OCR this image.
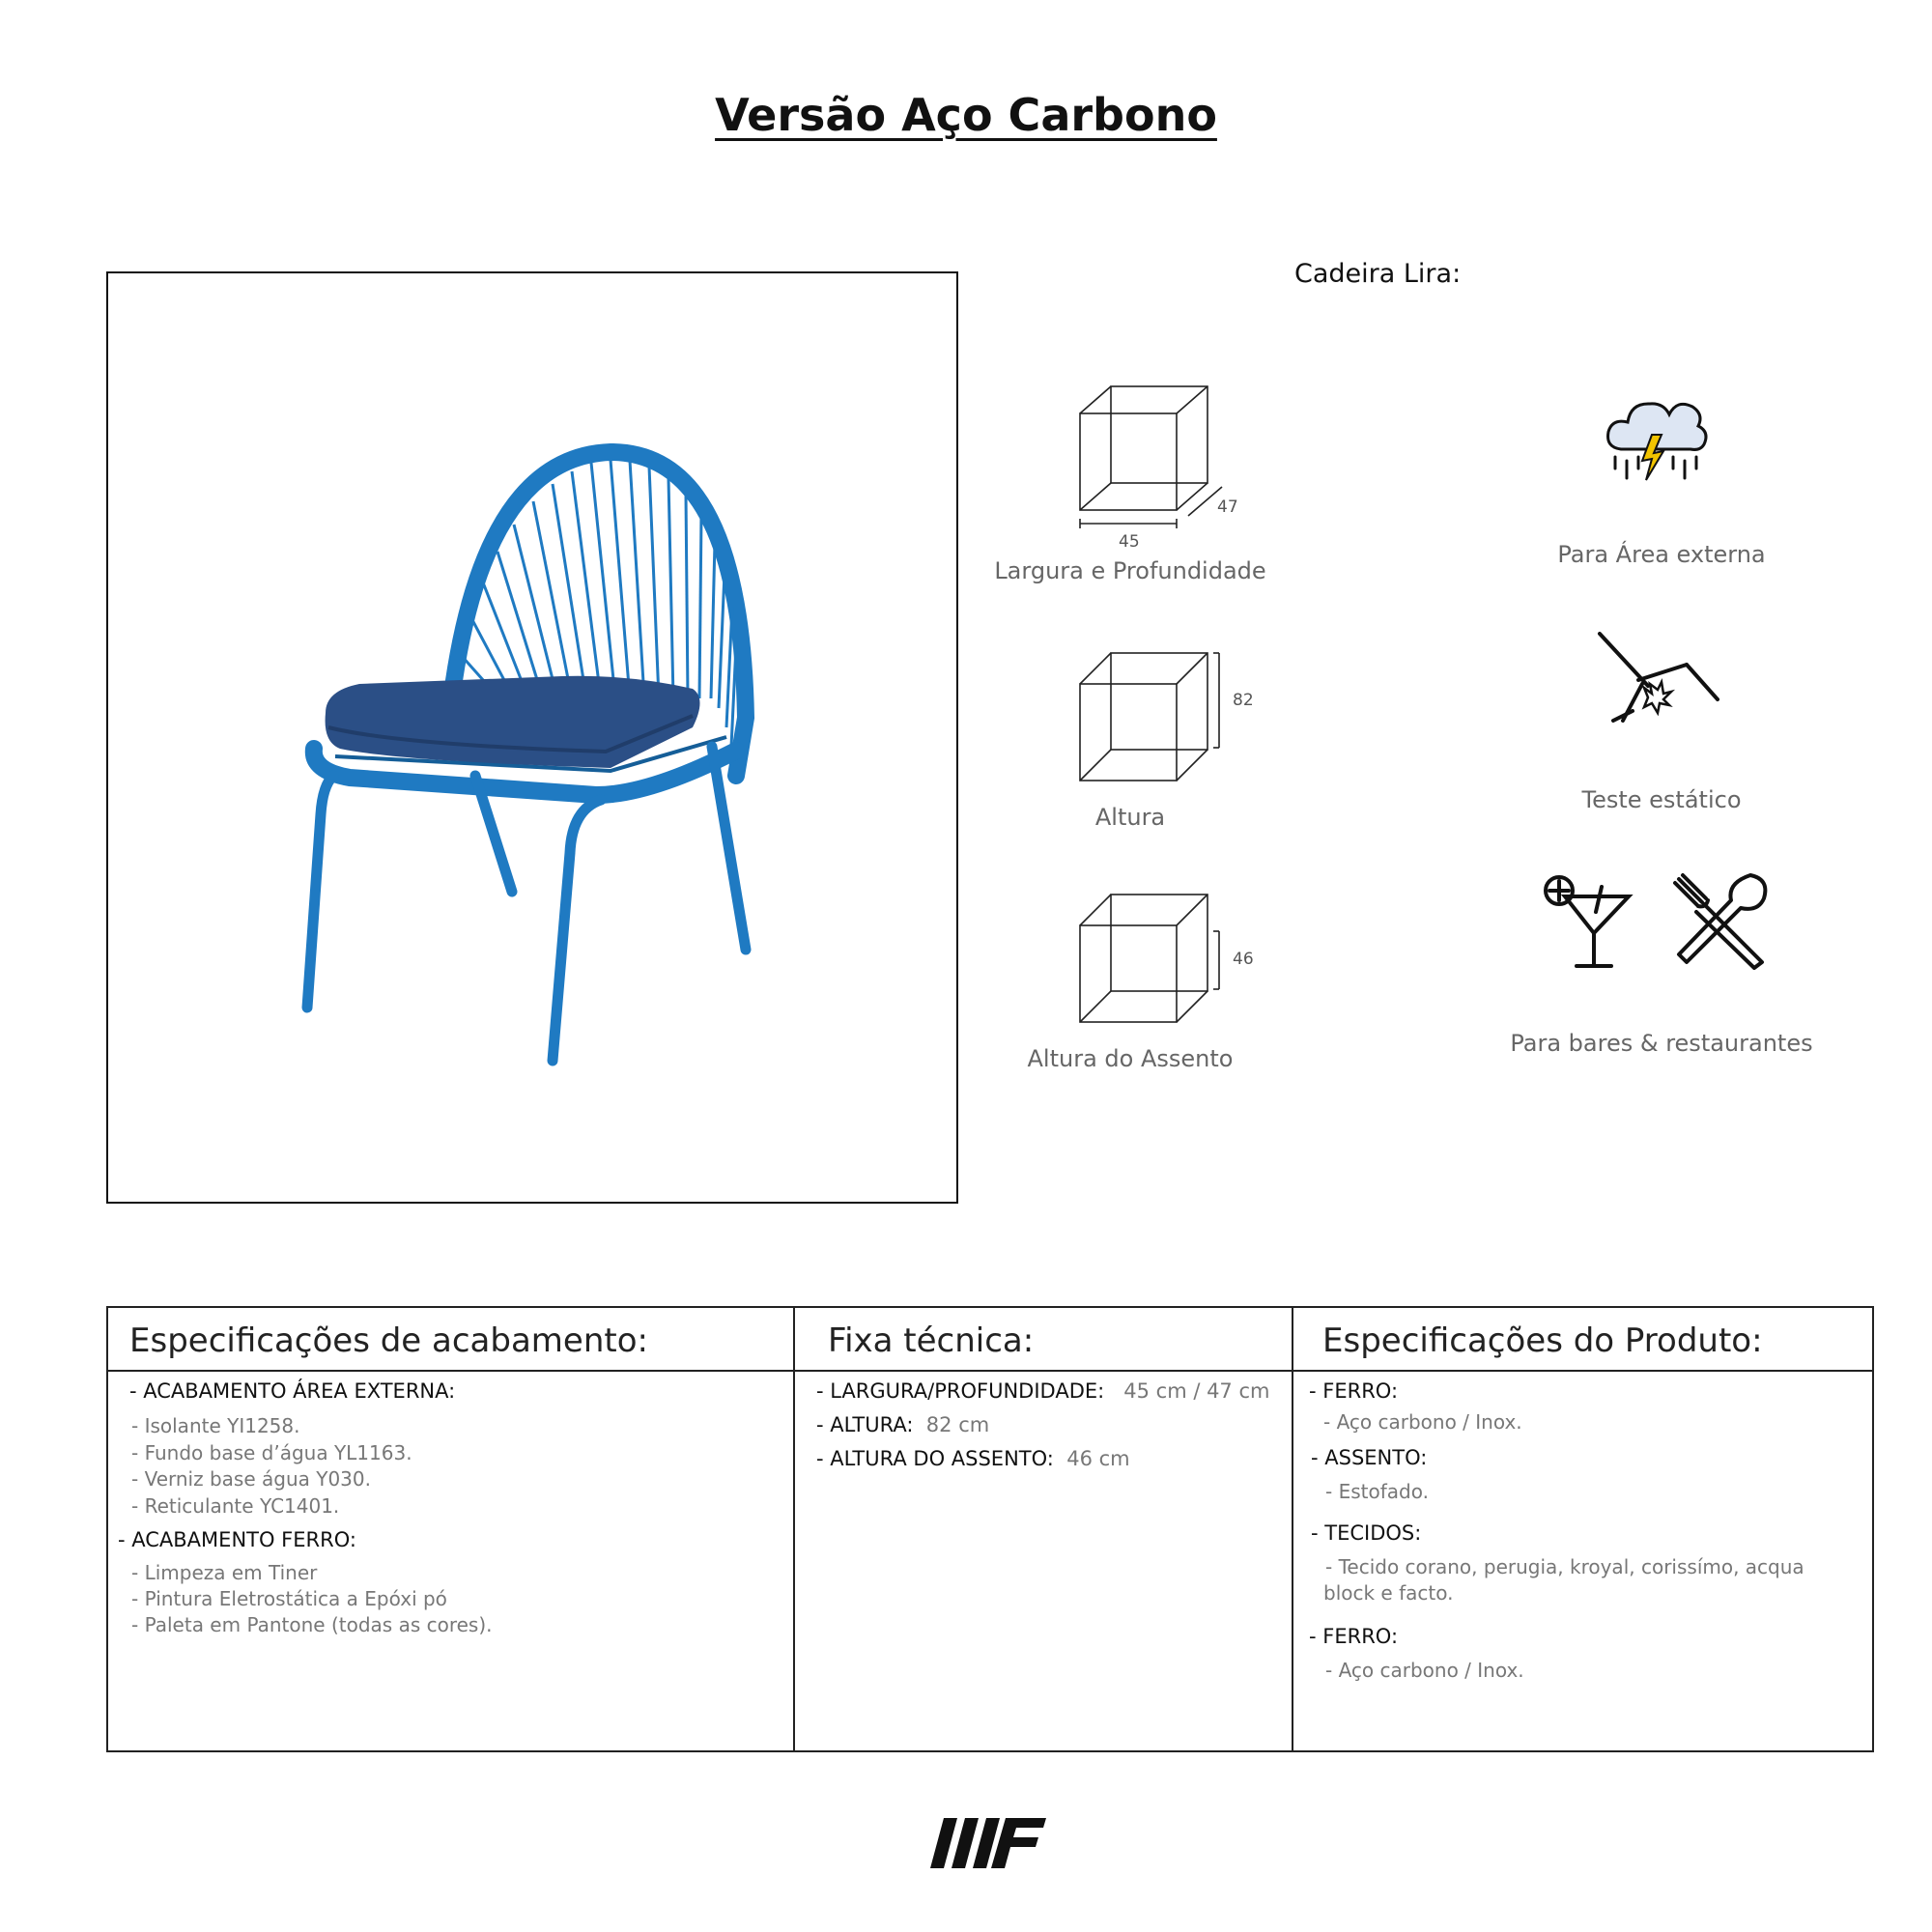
Versão Aço Carbono
Cadeira Lira:
47
45
Largura e Profundidade
82
Altura
46
Altura do Assento
Para Área externa
Teste estático
Para bares & restaurantes
Especificações de acabamento:
- ACABAMENTO ÁREA EXTERNA:
- Isolante YI1258.
- Fundo base d’água YL1163.
- Verniz base água Y030.
- Reticulante YC1401.
- ACABAMENTO FERRO:
- Limpeza em Tiner
- Pintura Eletrostática a Epóxi pó
- Paleta em Pantone (todas as cores).
Fixa técnica:
- LARGURA/PROFUNDIDADE: 45 cm / 47 cm
- ALTURA: 82 cm
- ALTURA DO ASSENTO: 46 cm
Especificações do Produto:
- FERRO:
- Aço carbono / Inox.
- ASSENTO:
- Estofado.
- TECIDOS:
- Tecido corano, perugia, kroyal, corissímo, acqua
block e facto.
- FERRO:
- Aço carbono / Inox.
